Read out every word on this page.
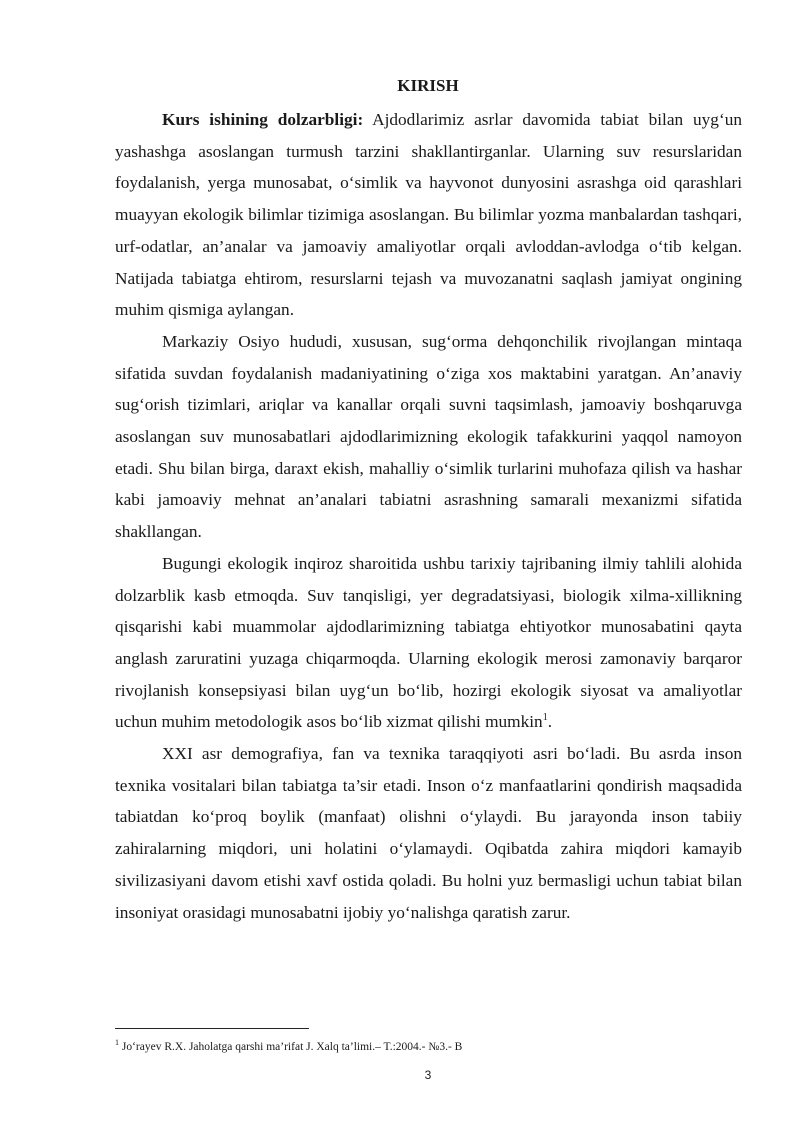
KIRISH

Kurs ishining dolzarbligi: Ajdodlarimiz asrlar davomida tabiat bilan uyg‘un yashashga asoslangan turmush tarzini shakllantirganlar. Ularning suv resurslaridan foydalanish, yerga munosabat, o‘simlik va hayvonot dunyosini asrashga oid qarashlari muayyan ekologik bilimlar tizimiga asoslangan. Bu bilimlar yozma manbalardan tashqari, urf-odatlar, an’analar va jamoaviy amaliyotlar orqali avloddan-avlodga o‘tib kelgan. Natijada tabiatga ehtirom, resurslarni tejash va muvozanatni saqlash jamiyat ongining muhim qismiga aylangan.

Markaziy Osiyo hududi, xususan, sug‘orma dehqonchilik rivojlangan mintaqa sifatida suvdan foydalanish madaniyatining o‘ziga xos maktabini yaratgan. An’anaviy sug‘orish tizimlari, ariqlar va kanallar orqali suvni taqsimlash, jamoaviy boshqaruvga asoslangan suv munosabatlari ajdodlarimizning ekologik tafakkurini yaqqol namoyon etadi. Shu bilan birga, daraxt ekish, mahalliy o‘simlik turlarini muhofaza qilish va hashar kabi jamoaviy mehnat an’analari tabiatni asrashning samarali mexanizmi sifatida shakllangan.

Bugungi ekologik inqiroz sharoitida ushbu tarixiy tajribaning ilmiy tahlili alohida dolzarblik kasb etmoqda. Suv tanqisligi, yer degradatsiyasi, biologik xilma-xillikning qisqarishi kabi muammolar ajdodlarimizning tabiatga ehtiyotkor munosabatini qayta anglash zaruratini yuzaga chiqarmoqda. Ularning ekologik merosi zamonaviy barqaror rivojlanish konsepsiyasi bilan uyg‘un bo‘lib, hozirgi ekologik siyosat va amaliyotlar uchun muhim metodologik asos bo‘lib xizmat qilishi mumkin$^1$.

XXI asr demografiya, fan va texnika taraqqiyoti asri bo‘ladi. Bu asrda inson texnika vositalari bilan tabiatga ta’sir etadi. Inson o‘z manfaatlarini qondirish maqsadida tabiatdan ko‘proq boylik (manfaat) olishni o‘ylaydi. Bu jarayonda inson tabiiy zahiralarning miqdori, uni holatini o‘ylamaydi. Oqibatda zahira miqdori kamayib sivilizasiyani davom etishi xavf ostida qoladi. Bu holni yuz bermasligi uchun tabiat bilan insoniyat orasidagi munosabatni ijobiy yo‘nalishga qaratish zarur.

$^1$ Jo‘rayev R.X. Jaholatga qarshi ma’rifat J. Xalq ta’limi.– T.:2004.- №3.- B
3
